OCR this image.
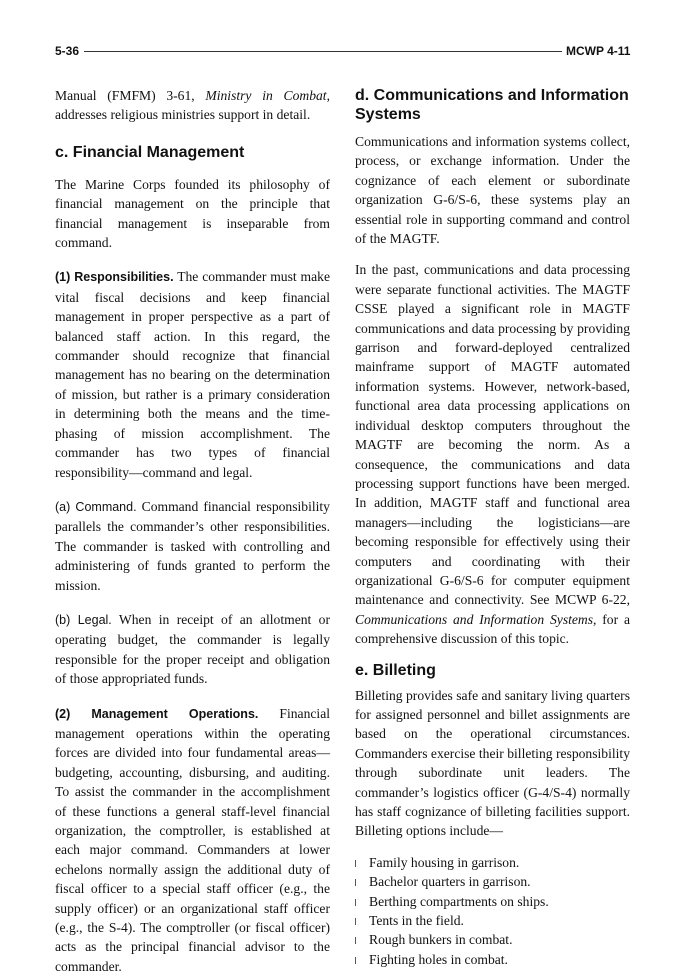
5-36	MCWP 4-11

Manual (FMFM) 3-61, Ministry in Combat, addresses religious ministries support in detail.

c. Financial Management

The Marine Corps founded its philosophy of financial management on the principle that financial management is inseparable from command.

(1) Responsibilities. The commander must make vital fiscal decisions and keep financial management in proper perspective as a part of balanced staff action. In this regard, the commander should recognize that financial management has no bearing on the determination of mission, but rather is a primary consideration in determining both the means and the time-phasing of mission accomplishment. The commander has two types of financial responsibility—command and legal.

(a) Command. Command financial responsibility parallels the commander’s other responsibilities. The commander is tasked with controlling and administering of funds granted to perform the mission.

(b) Legal. When in receipt of an allotment or operating budget, the commander is legally responsible for the proper receipt and obligation of those appropriated funds.

(2) Management Operations. Financial management operations within the operating forces are divided into four fundamental areas—budgeting, accounting, disbursing, and auditing. To assist the commander in the accomplishment of these functions a general staff-level financial organization, the comptroller, is established at each major command. Commanders at lower echelons normally assign the additional duty of fiscal officer to a special staff officer (e.g., the supply officer) or an organizational staff officer (e.g., the S-4). The comptroller (or fiscal officer) acts as the principal financial advisor to the commander.

d. Communications and Information Systems

Communications and information systems collect, process, or exchange information. Under the cognizance of each element or subordinate organization G-6/S-6, these systems play an essential role in supporting command and control of the MAGTF.

In the past, communications and data processing were separate functional activities. The MAGTF CSSE played a significant role in MAGTF communications and data processing by providing garrison and forward-deployed centralized mainframe support of MAGTF automated information systems. However, network-based, functional area data processing applications on individual desktop computers throughout the MAGTF are becoming the norm. As a consequence, the communications and data processing support functions have been merged. In addition, MAGTF staff and functional area managers—including the logisticians—are becoming responsible for effectively using their computers and coordinating with their organizational G-6/S-6 for computer equipment maintenance and connectivity. See MCWP 6-22, Communications and Information Systems, for a comprehensive discussion of this topic.

e. Billeting

Billeting provides safe and sanitary living quarters for assigned personnel and billet assignments are based on the operational circumstances. Commanders exercise their billeting responsibility through subordinate unit leaders. The commander’s logistics officer (G-4/S-4) normally has staff cognizance of billeting facilities support. Billeting options include—

Family housing in garrison.
Bachelor quarters in garrison.
Berthing compartments on ships.
Tents in the field.
Rough bunkers in combat.
Fighting holes in combat.
